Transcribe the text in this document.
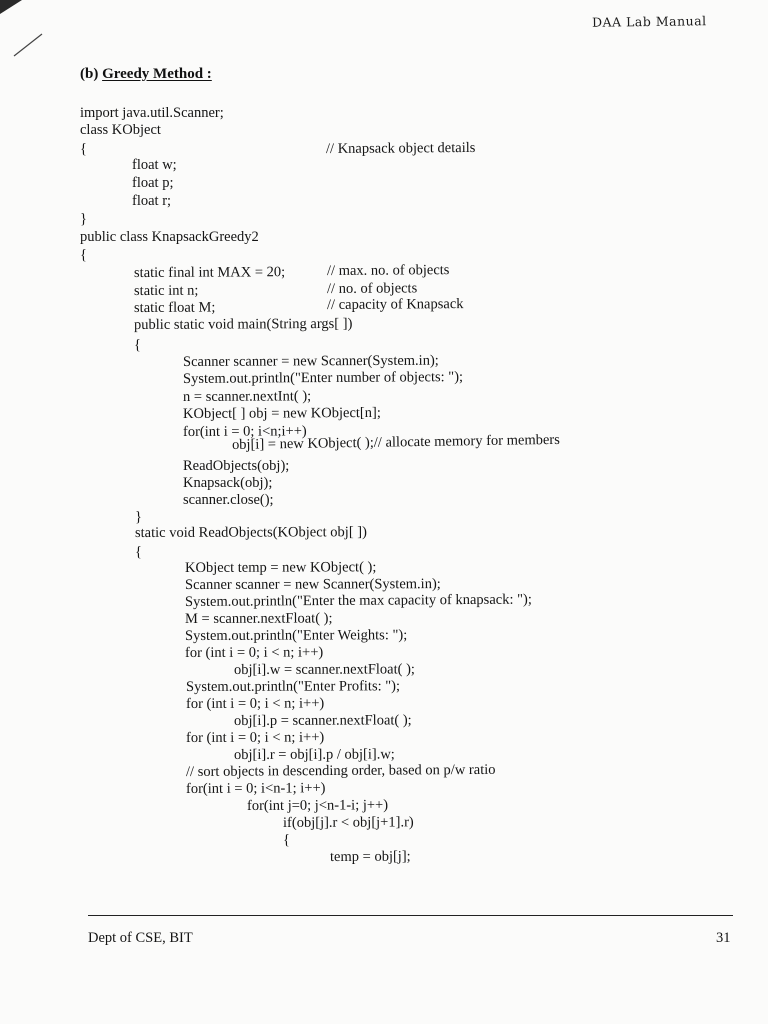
DAA Lab Manual
(b) Greedy Method :
import java.util.Scanner;
class KObject
{	// Knapsack object details
float w;
float p;
float r;
}
public class KnapsackGreedy2
{
static final int MAX = 20;	// max. no. of objects
static int n;	// no. of objects
static float M;	// capacity of Knapsack
public static void main(String args[ ])
{
Scanner scanner = new Scanner(System.in);
System.out.println("Enter number of objects: ");
n = scanner.nextInt( );
KObject[ ] obj = new KObject[n];
for(int i = 0; i<n;i++)
obj[i] = new KObject( );// allocate memory for members
ReadObjects(obj);
Knapsack(obj);
scanner.close();
}
static void ReadObjects(KObject obj[ ])
{
KObject temp = new KObject( );
Scanner scanner = new Scanner(System.in);
System.out.println("Enter the max capacity of knapsack: ");
M = scanner.nextFloat( );
System.out.println("Enter Weights: ");
for (int i = 0; i < n; i++)
obj[i].w = scanner.nextFloat( );
System.out.println("Enter Profits: ");
for (int i = 0; i < n; i++)
obj[i].p = scanner.nextFloat( );
for (int i = 0; i < n; i++)
obj[i].r = obj[i].p / obj[i].w;
// sort objects in descending order, based on p/w ratio
for(int i = 0; i<n-1; i++)
for(int j=0; j<n-1-i; j++)
if(obj[j].r < obj[j+1].r)
{
temp = obj[j];
Dept of CSE, BIT	31
